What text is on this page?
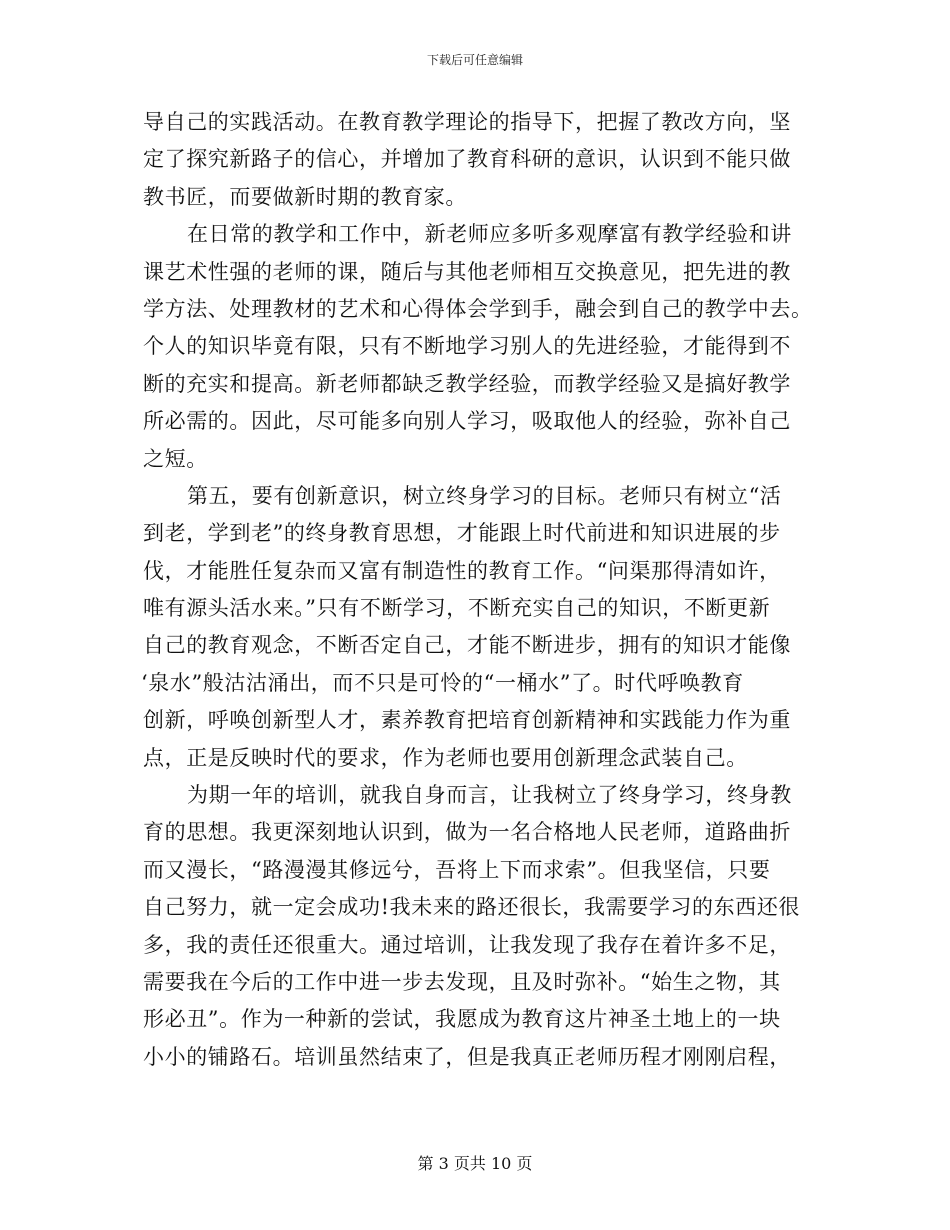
下载后可任意编辑
导自己的实践活动。在教育教学理论的指导下，把握了教改方向，坚
定了探究新路子的信心，并增加了教育科研的意识，认识到不能只做
教书匠，而要做新时期的教育家。
在日常的教学和工作中，新老师应多听多观摩富有教学经验和讲
课艺术性强的老师的课，随后与其他老师相互交换意见，把先进的教
学方法、处理教材的艺术和心得体会学到手，融会到自己的教学中去。
个人的知识毕竟有限，只有不断地学习别人的先进经验，才能得到不
断的充实和提高。新老师都缺乏教学经验，而教学经验又是搞好教学
所必需的。因此，尽可能多向别人学习，吸取他人的经验，弥补自己
之短。
第五，要有创新意识，树立终身学习的目标。老师只有树立“活
到老，学到老”的终身教育思想，才能跟上时代前进和知识进展的步
伐，才能胜任复杂而又富有制造性的教育工作。“问渠那得清如许，
唯有源头活水来。”只有不断学习，不断充实自己的知识，不断更新
自己的教育观念，不断否定自己，才能不断进步，拥有的知识才能像
‘泉水”般沽沽涌出，而不只是可怜的“一桶水”了。时代呼唤教育
创新，呼唤创新型人才，素养教育把培育创新精神和实践能力作为重
点，正是反映时代的要求，作为老师也要用创新理念武装自己。
为期一年的培训，就我自身而言，让我树立了终身学习，终身教
育的思想。我更深刻地认识到，做为一名合格地人民老师，道路曲折
而又漫长，“路漫漫其修远兮，吾将上下而求索”。但我坚信，只要
自己努力，就一定会成功!我未来的路还很长，我需要学习的东西还很
多，我的责任还很重大。通过培训，让我发现了我存在着许多不足，
需要我在今后的工作中进一步去发现，且及时弥补。“始生之物，其
形必丑”。作为一种新的尝试，我愿成为教育这片神圣土地上的一块
小小的铺路石。培训虽然结束了，但是我真正老师历程才刚刚启程，
第 3 页共 10 页
